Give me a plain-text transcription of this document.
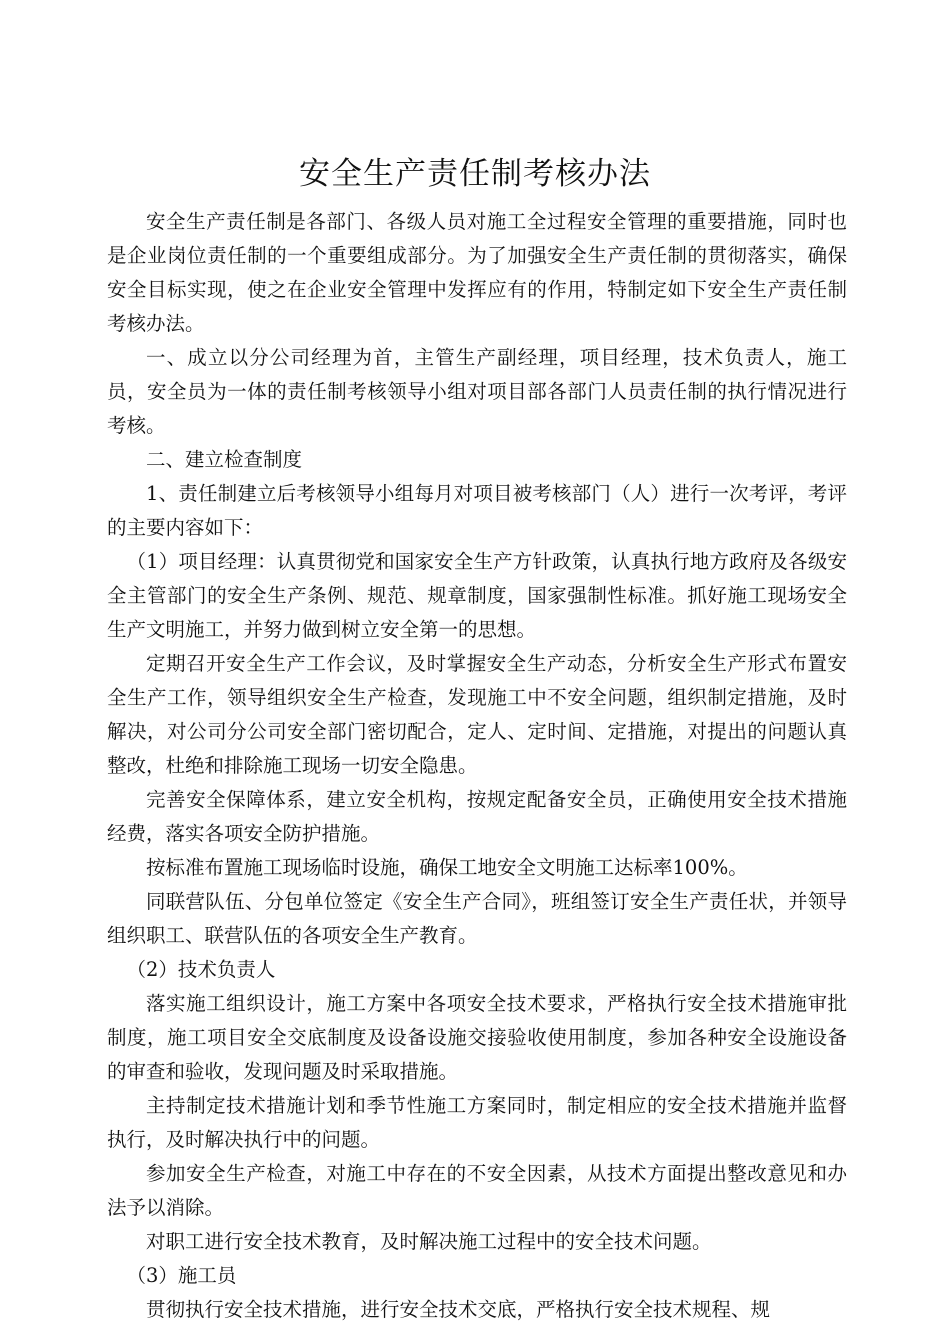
安全生产责任制考核办法

安全生产责任制是各部门、各级人员对施工全过程安全管理的重要措施，同时也是企业岗位责任制的一个重要组成部分。为了加强安全生产责任制的贯彻落实，确保安全目标实现，使之在企业安全管理中发挥应有的作用，特制定如下安全生产责任制考核办法。

一、成立以分公司经理为首，主管生产副经理，项目经理，技术负责人，施工员，安全员为一体的责任制考核领导小组对项目部各部门人员责任制的执行情况进行考核。

二、建立检查制度

1、责任制建立后考核领导小组每月对项目被考核部门（人）进行一次考评，考评的主要内容如下：

（1）项目经理：认真贯彻党和国家安全生产方针政策，认真执行地方政府及各级安全主管部门的安全生产条例、规范、规章制度，国家强制性标准。抓好施工现场安全生产文明施工，并努力做到树立安全第一的思想。

定期召开安全生产工作会议，及时掌握安全生产动态，分析安全生产形式布置安全生产工作，领导组织安全生产检查，发现施工中不安全问题，组织制定措施，及时解决，对公司分公司安全部门密切配合，定人、定时间、定措施，对提出的问题认真整改，杜绝和排除施工现场一切安全隐患。

完善安全保障体系，建立安全机构，按规定配备安全员，正确使用安全技术措施经费，落实各项安全防护措施。

按标准布置施工现场临时设施，确保工地安全文明施工达标率100%。

同联营队伍、分包单位签定《安全生产合同》，班组签订安全生产责任状，并领导组织职工、联营队伍的各项安全生产教育。

（2）技术负责人

落实施工组织设计，施工方案中各项安全技术要求，严格执行安全技术措施审批制度，施工项目安全交底制度及设备设施交接验收使用制度，参加各种安全设施设备的审查和验收，发现问题及时采取措施。

主持制定技术措施计划和季节性施工方案同时，制定相应的安全技术措施并监督执行，及时解决执行中的问题。

参加安全生产检查，对施工中存在的不安全因素，从技术方面提出整改意见和办法予以消除。

对职工进行安全技术教育，及时解决施工过程中的安全技术问题。

（3）施工员

贯彻执行安全技术措施，进行安全技术交底，严格执行安全技术规程、规
